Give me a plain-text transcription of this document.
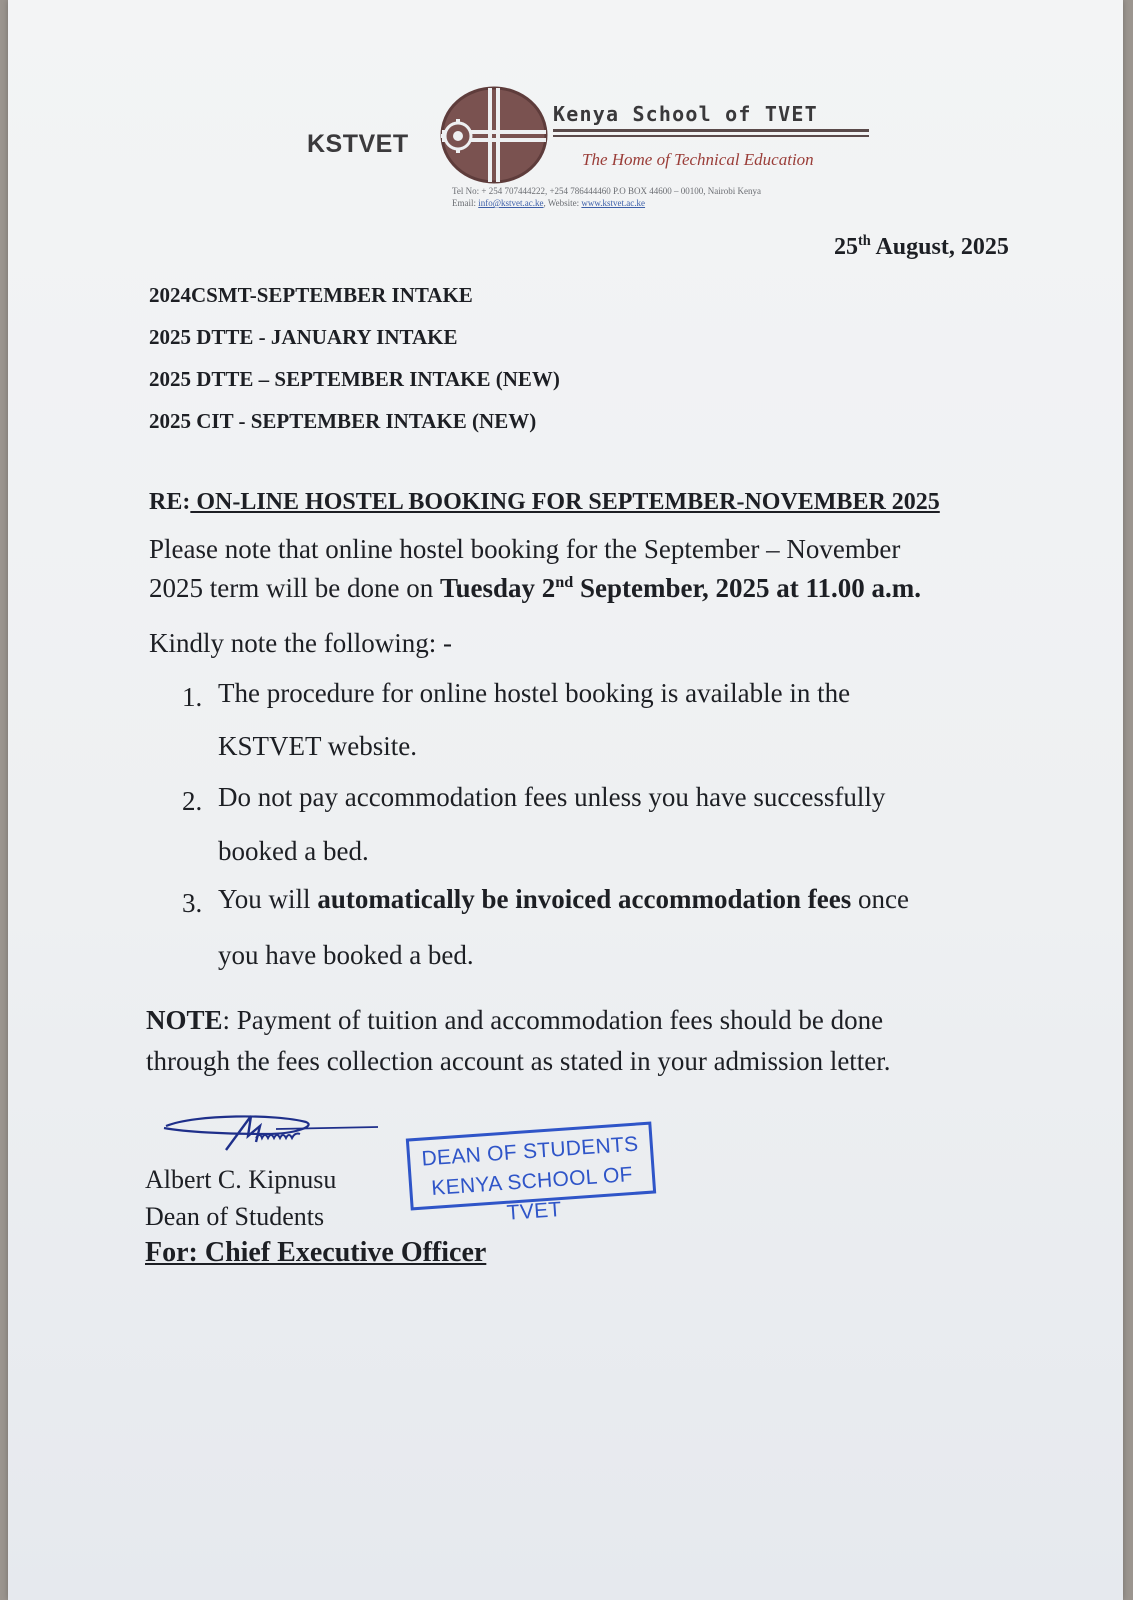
KSTVET
Kenya School of TVET
The Home of Technical Education
Tel No: + 254 707444222, +254 786444460 P.O BOX 44600 – 00100, Nairobi Kenya
Email: info@kstvet.ac.ke, Website: www.kstvet.ac.ke
25th August, 2025
2024CSMT-SEPTEMBER INTAKE
2025 DTTE - JANUARY INTAKE
2025 DTTE – SEPTEMBER INTAKE (NEW)
2025 CIT - SEPTEMBER INTAKE (NEW)
RE: ON-LINE HOSTEL BOOKING FOR SEPTEMBER-NOVEMBER 2025
Please note that online hostel booking for the September – November
2025 term will be done on Tuesday 2nd September, 2025 at 11.00 a.m.
Kindly note the following: -
1. The procedure for online hostel booking is available in the
KSTVET website.
2. Do not pay accommodation fees unless you have successfully
booked a bed.
3. You will automatically be invoiced accommodation fees once
you have booked a bed.
NOTE: Payment of tuition and accommodation fees should be done
through the fees collection account as stated in your admission letter.
Albert C. Kipnusu
Dean of Students
For: Chief Executive Officer
DEAN OF STUDENTS
KENYA SCHOOL OF TVET
